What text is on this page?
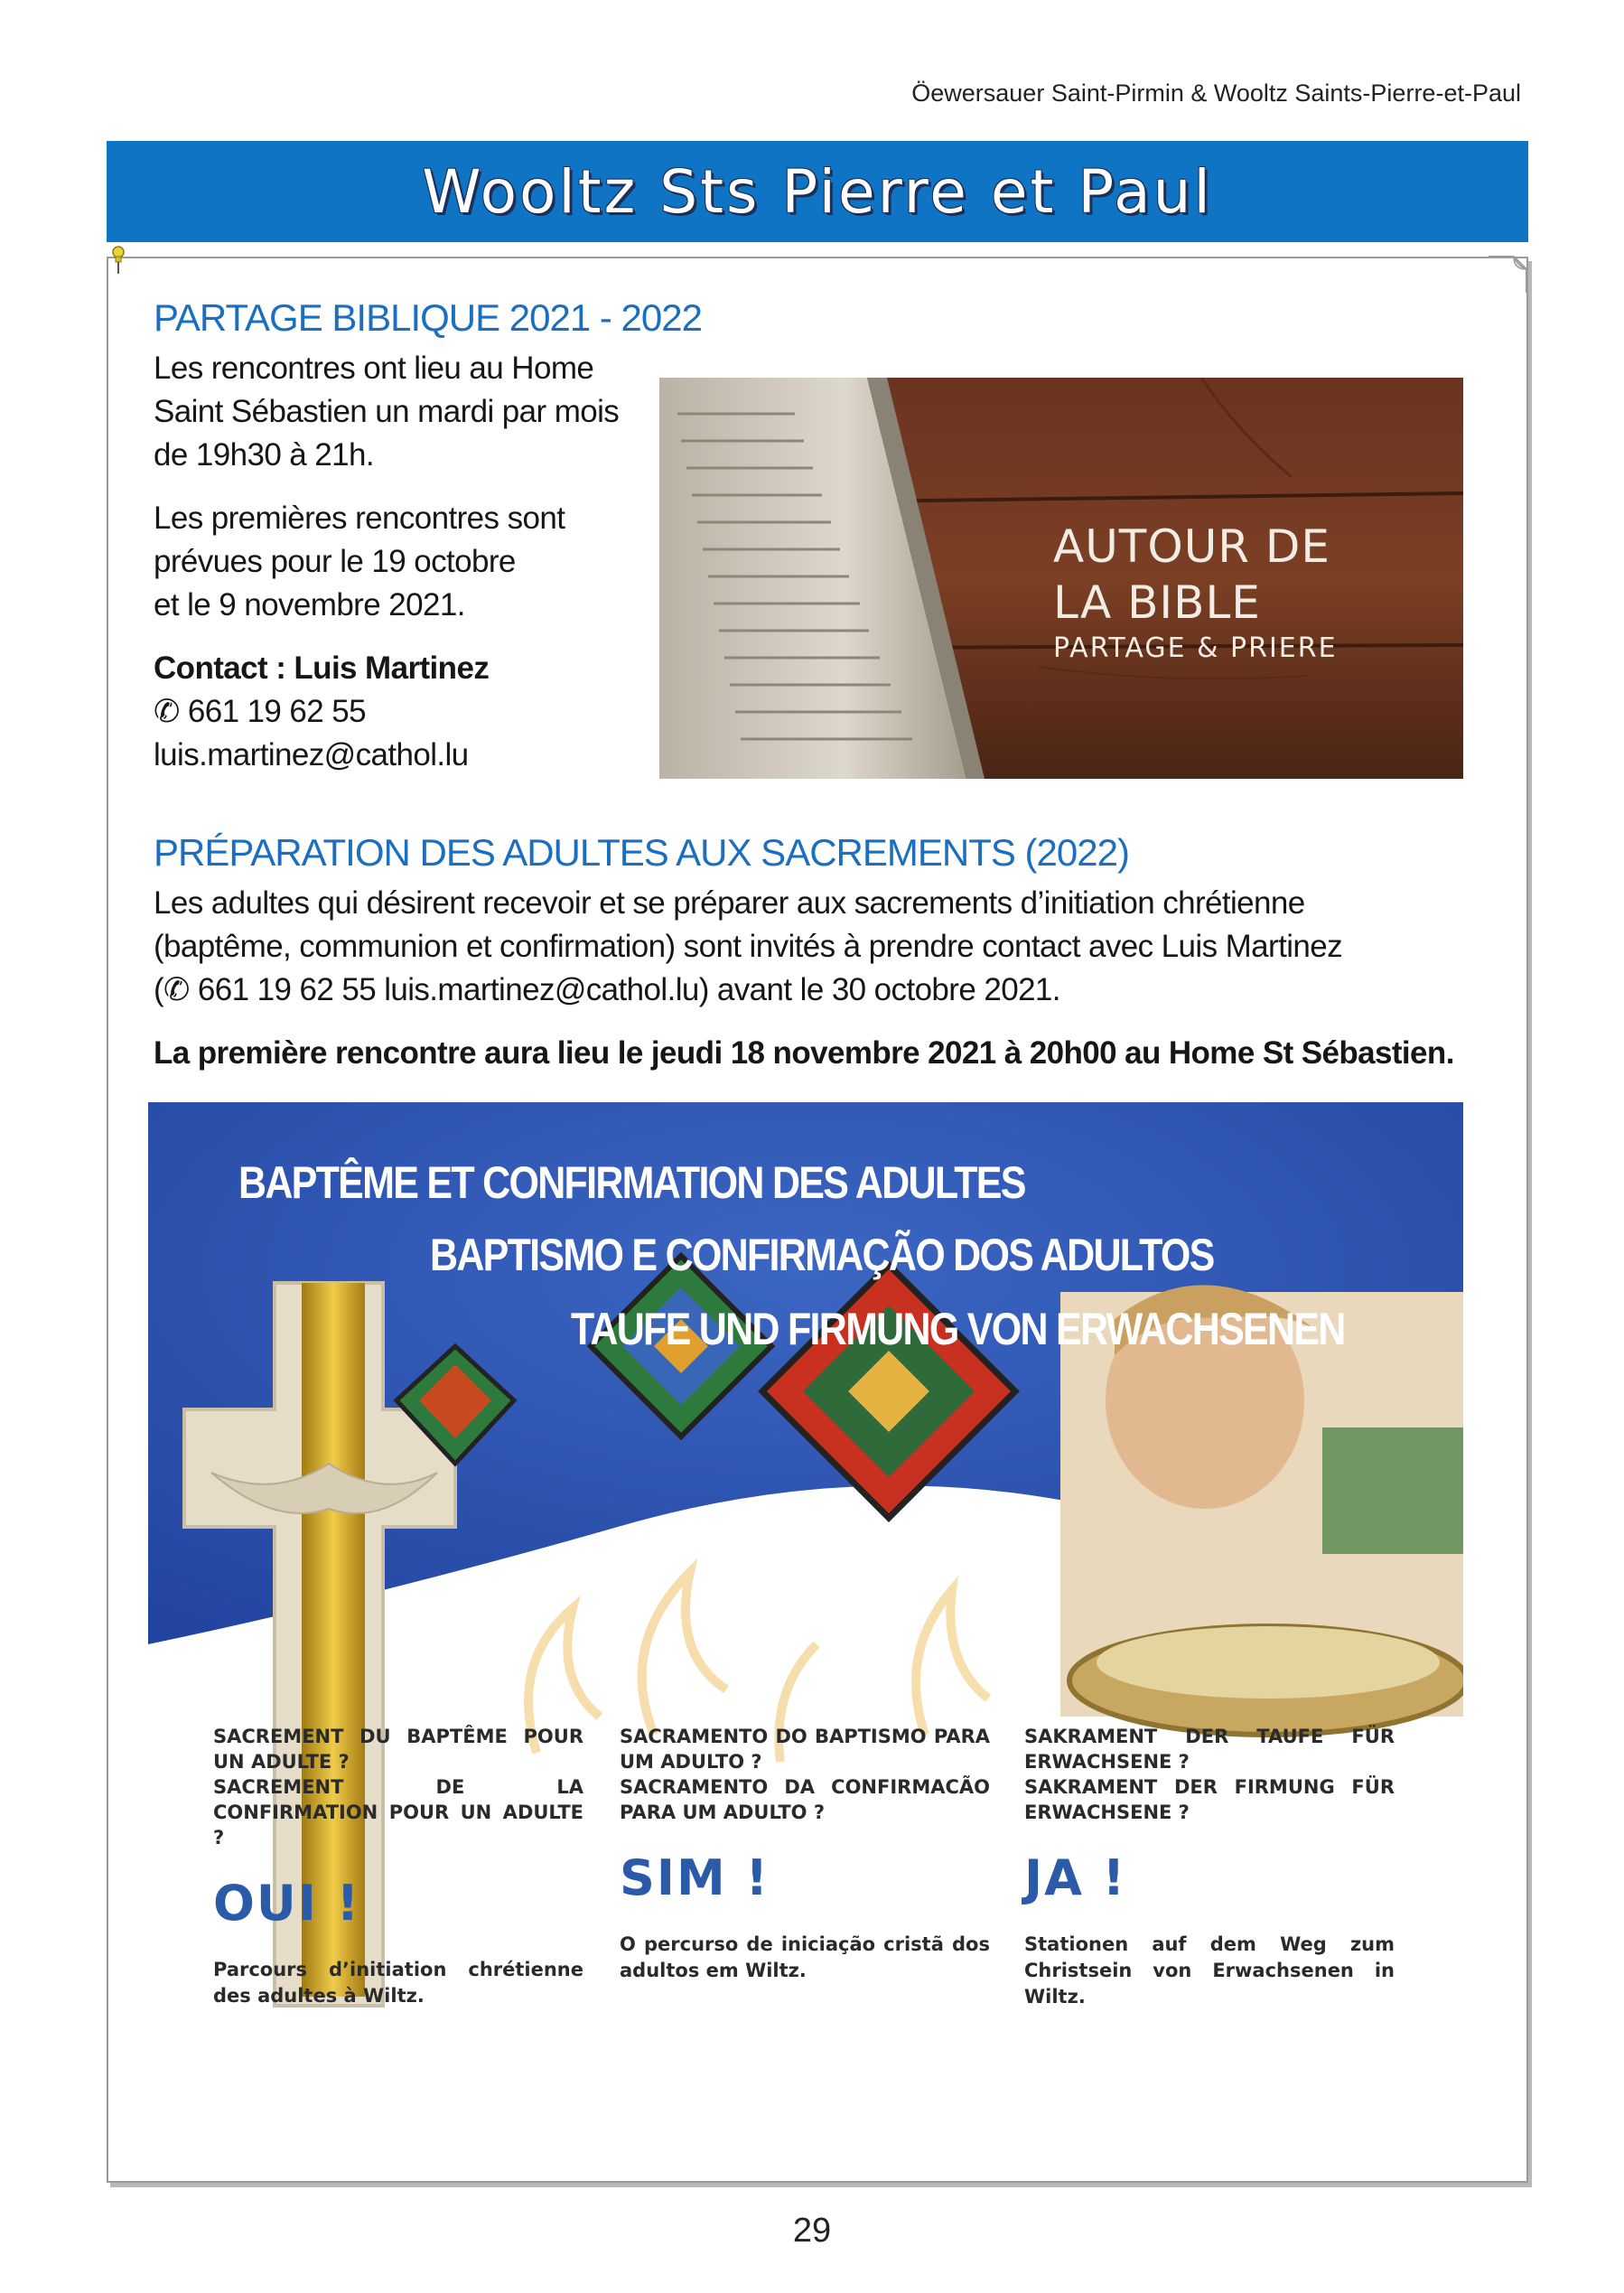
Öewersauer Saint-Pirmin & Wooltz Saints-Pierre-et-Paul
Wooltz Sts Pierre et Paul
PARTAGE BIBLIQUE 2021 - 2022

Les rencontres ont lieu au Home

Saint Sébastien un mardi par mois

de 19h30 à 21h.

Les premières rencontres sont

prévues pour le 19 octobre

et le 9 novembre 2021.

Contact : Luis Martinez

✆ 661 19 62 55

luis.martinez@cathol.lu

AUTOUR DE
LA BIBLE
PARTAGE & PRIERE
PRÉPARATION DES ADULTES AUX SACREMENTS (2022)

Les adultes qui désirent recevoir et se préparer aux sacrements d’initiation chrétienne

(baptême, communion et confirmation) sont invités à prendre contact avec Luis Martinez

(✆ 661 19 62 55 luis.martinez@cathol.lu) avant le 30 octobre 2021.

La première rencontre aura lieu le jeudi 18 novembre 2021 à 20h00 au Home St Sébastien.

BAPTÊME ET CONFIRMATION DES ADULTES
BAPTISMO E CONFIRMAÇÃO DOS ADULTOS
TAUFE UND FIRMUNG VON ERWACHSENEN
SACREMENT DU BAPTÊME POUR UN ADULTE ?
SACREMENT DE LA CONFIRMATION POUR UN ADULTE ?
OUI !
Parcours d’initiation chrétienne des adultes à Wiltz.
SACRAMENTO DO BAPTISMO PARA UM ADULTO ?
SACRAMENTO DA CONFIRMACÃO PARA UM ADULTO ?
SIM !
O percurso de iniciação cristã dos adultos em Wiltz.
SAKRAMENT DER TAUFE FÜR ERWACHSENE ?
SAKRAMENT DER FIRMUNG FÜR ERWACHSENE ?
JA !
Stationen auf dem Weg zum Christsein von Erwachsenen in Wiltz.
29
